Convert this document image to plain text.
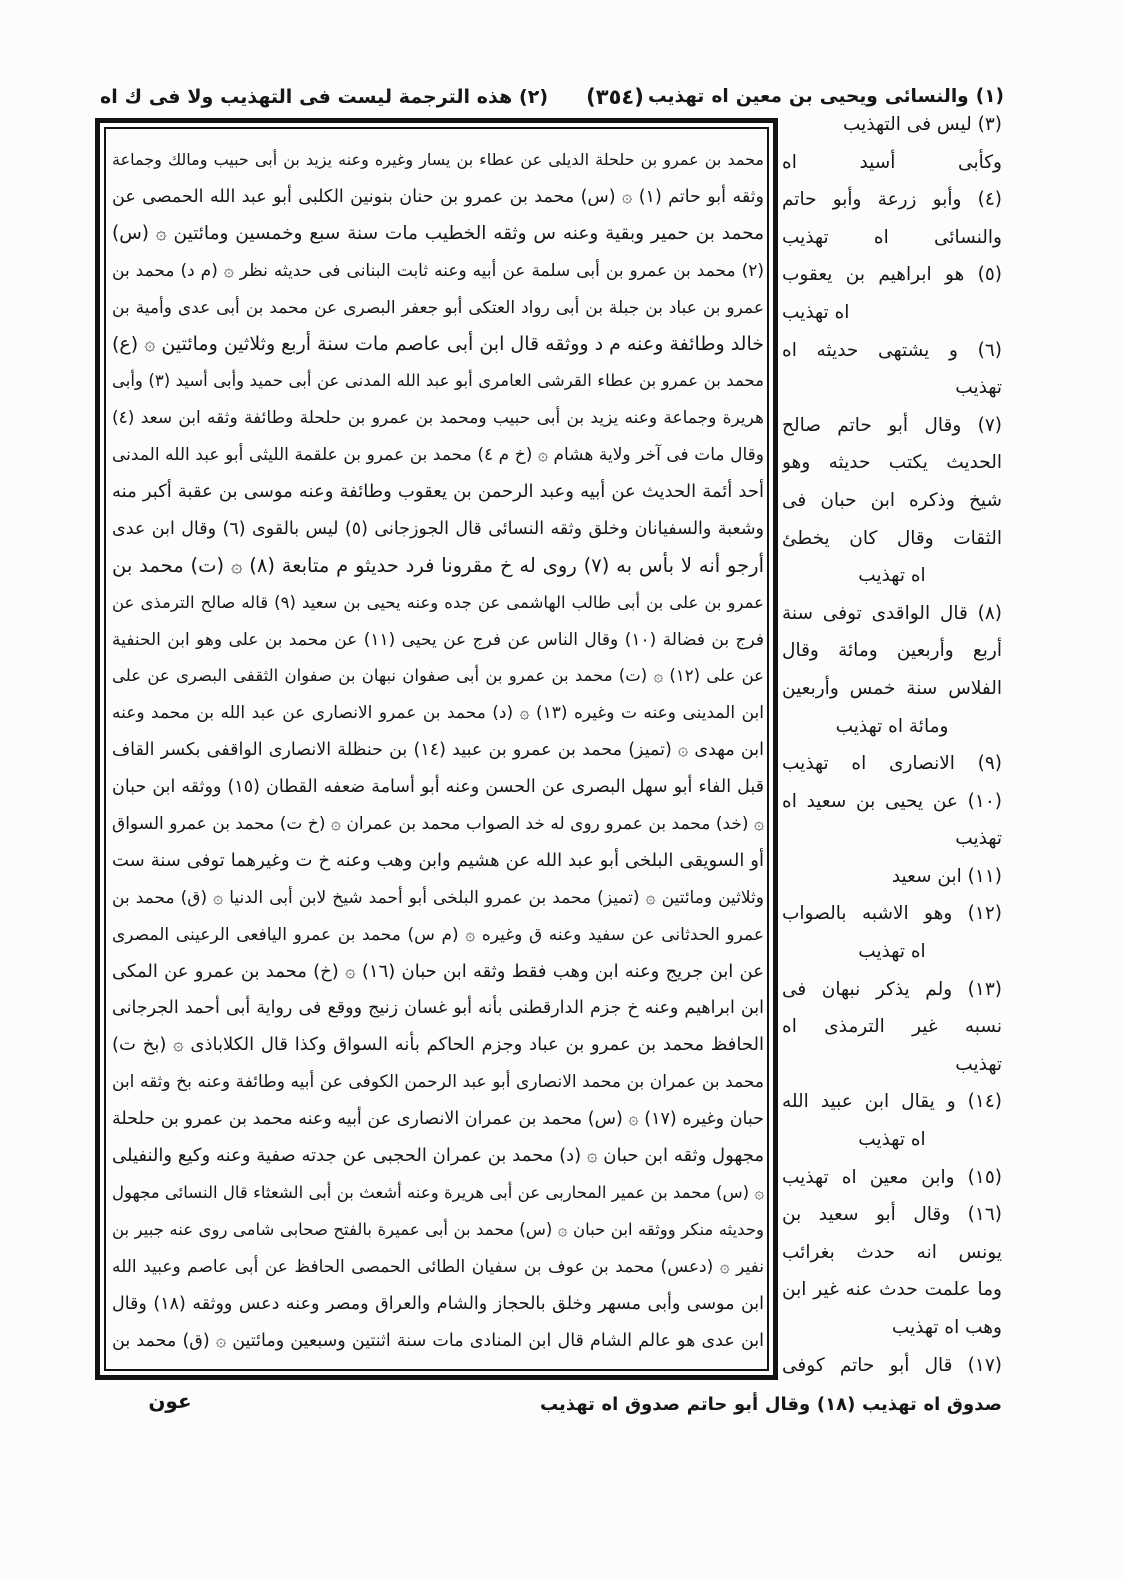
(١) والنسائى ويحيى بن معين اه تهذيب
(٣٥٤)
(٢) هذه الترجمة ليست فى التهذيب ولا فى ك اه
محمد بن عمرو بن حلحلة الديلى عن عطاء بن يسار وغيره وعنه يزيد بن أبى حبيب ومالك وجماعة
وثقه أبو حاتم (١) ۞ (س) محمد بن عمرو بن حنان بنونين الكلبى أبو عبد الله الحمصى عن
محمد بن حمير وبقية وعنه س وثقه الخطيب مات سنة سبع وخمسين ومائتين ۞ (س)
(٢) محمد بن عمرو بن أبى سلمة عن أبيه وعنه ثابت البنانى فى حديثه نظر ۞ (م د) محمد بن
عمرو بن عباد بن جبلة بن أبى رواد العتكى أبو جعفر البصرى عن محمد بن أبى عدى وأمية بن
خالد وطائفة وعنه م د ووثقه قال ابن أبى عاصم مات سنة أربع وثلاثين ومائتين ۞ (ع)
محمد بن عمرو بن عطاء القرشى العامرى أبو عبد الله المدنى عن أبى حميد وأبى أسيد (٣) وأبى
هريرة وجماعة وعنه يزيد بن أبى حبيب ومحمد بن عمرو بن حلحلة وطائفة وثقه ابن سعد (٤)
وقال مات فى آخر ولاية هشام ۞ (خ م ٤) محمد بن عمرو بن علقمة الليثى أبو عبد الله المدنى
أحد أئمة الحديث عن أبيه وعبد الرحمن بن يعقوب وطائفة وعنه موسى بن عقبة أكبر منه
وشعبة والسفيانان وخلق وثقه النسائى قال الجوزجانى (٥) ليس بالقوى (٦) وقال ابن عدى
أرجو أنه لا بأس به (٧) روى له خ مقرونا فرد حديثو م متابعة (٨) ۞ (ت) محمد بن
عمرو بن على بن أبى طالب الهاشمى عن جده وعنه يحيى بن سعيد (٩) قاله صالح الترمذى عن
فرج بن فضالة (١٠) وقال الناس عن فرج عن يحيى (١١) عن محمد بن على وهو ابن الحنفية
عن على (١٢) ۞ (ت) محمد بن عمرو بن أبى صفوان نبهان بن صفوان الثقفى البصرى عن على
ابن المدينى وعنه ت وغيره (١٣) ۞ (د) محمد بن عمرو الانصارى عن عبد الله بن محمد وعنه
ابن مهدى ۞ (تميز) محمد بن عمرو بن عبيد (١٤) بن حنظلة الانصارى الواقفى بكسر القاف
قبل الفاء أبو سهل البصرى عن الحسن وعنه أبو أسامة ضعفه القطان (١٥) ووثقه ابن حبان
۞ (خد) محمد بن عمرو روى له خد الصواب محمد بن عمران ۞ (خ ت) محمد بن عمرو السواق
أو السويقى البلخى أبو عبد الله عن هشيم وابن وهب وعنه خ ت وغيرهما توفى سنة ست
وثلاثين ومائتين ۞ (تميز) محمد بن عمرو البلخى أبو أحمد شيخ لابن أبى الدنيا ۞ (ق) محمد بن
عمرو الحدثانى عن سفيد وعنه ق وغيره ۞ (م س) محمد بن عمرو اليافعى الرعينى المصرى
عن ابن جريج وعنه ابن وهب فقط وثقه ابن حبان (١٦) ۞ (خ) محمد بن عمرو عن المكى
ابن ابراهيم وعنه خ جزم الدارقطنى بأنه أبو غسان زنيج ووقع فى رواية أبى أحمد الجرجانى
الحافظ محمد بن عمرو بن عباد وجزم الحاكم بأنه السواق وكذا قال الكلاباذى ۞ (بخ ت)
محمد بن عمران بن محمد الانصارى أبو عبد الرحمن الكوفى عن أبيه وطائفة وعنه بخ وثقه ابن
حبان وغيره (١٧) ۞ (س) محمد بن عمران الانصارى عن أبيه وعنه محمد بن عمرو بن حلحلة
مجهول وثقه ابن حبان ۞ (د) محمد بن عمران الحجبى عن جدته صفية وعنه وكيع والنفيلى
۞ (س) محمد بن عمير المحاربى عن أبى هريرة وعنه أشعث بن أبى الشعثاء قال النسائى مجهول
وحديثه منكر ووثقه ابن حبان ۞ (س) محمد بن أبى عميرة بالفتح صحابى شامى روى عنه جبير بن
نفير ۞ (دعس) محمد بن عوف بن سفيان الطائى الحمصى الحافظ عن أبى عاصم وعبيد الله
ابن موسى وأبى مسهر وخلق بالحجاز والشام والعراق ومصر وعنه دعس ووثقه (١٨) وقال
ابن عدى هو عالم الشام قال ابن المنادى مات سنة اثنتين وسبعين ومائتين ۞ (ق) محمد بن
(٣) ليس فى التهذيب
وكأبى أسيد اه
(٤) وأبو زرعة وأبو حاتم
والنسائى اه تهذيب
(٥) هو ابراهيم بن يعقوب
اه تهذيب
(٦) و يشتهى حديثه اه
تهذيب
(٧) وقال أبو حاتم صالح
الحديث يكتب حديثه وهو
شيخ وذكره ابن حبان فى
الثقات وقال كان يخطئ
اه تهذيب
(٨) قال الواقدى توفى سنة
أربع وأربعين ومائة وقال
الفلاس سنة خمس وأربعين
ومائة اه تهذيب
(٩) الانصارى اه تهذيب
(١٠) عن يحيى بن سعيد اه
تهذيب
(١١) ابن سعيد
(١٢) وهو الاشبه بالصواب
اه تهذيب
(١٣) ولم يذكر نبهان فى
نسبه غير الترمذى اه
تهذيب
(١٤) و يقال ابن عبيد الله
اه تهذيب
(١٥) وابن معين اه تهذيب
(١٦) وقال أبو سعيد بن
يونس انه حدث بغرائب
وما علمت حدث عنه غير ابن
وهب اه تهذيب
(١٧) قال أبو حاتم كوفى
صدوق اه تهذيب (١٨) وقال أبو حاتم صدوق اه تهذيب
عون
